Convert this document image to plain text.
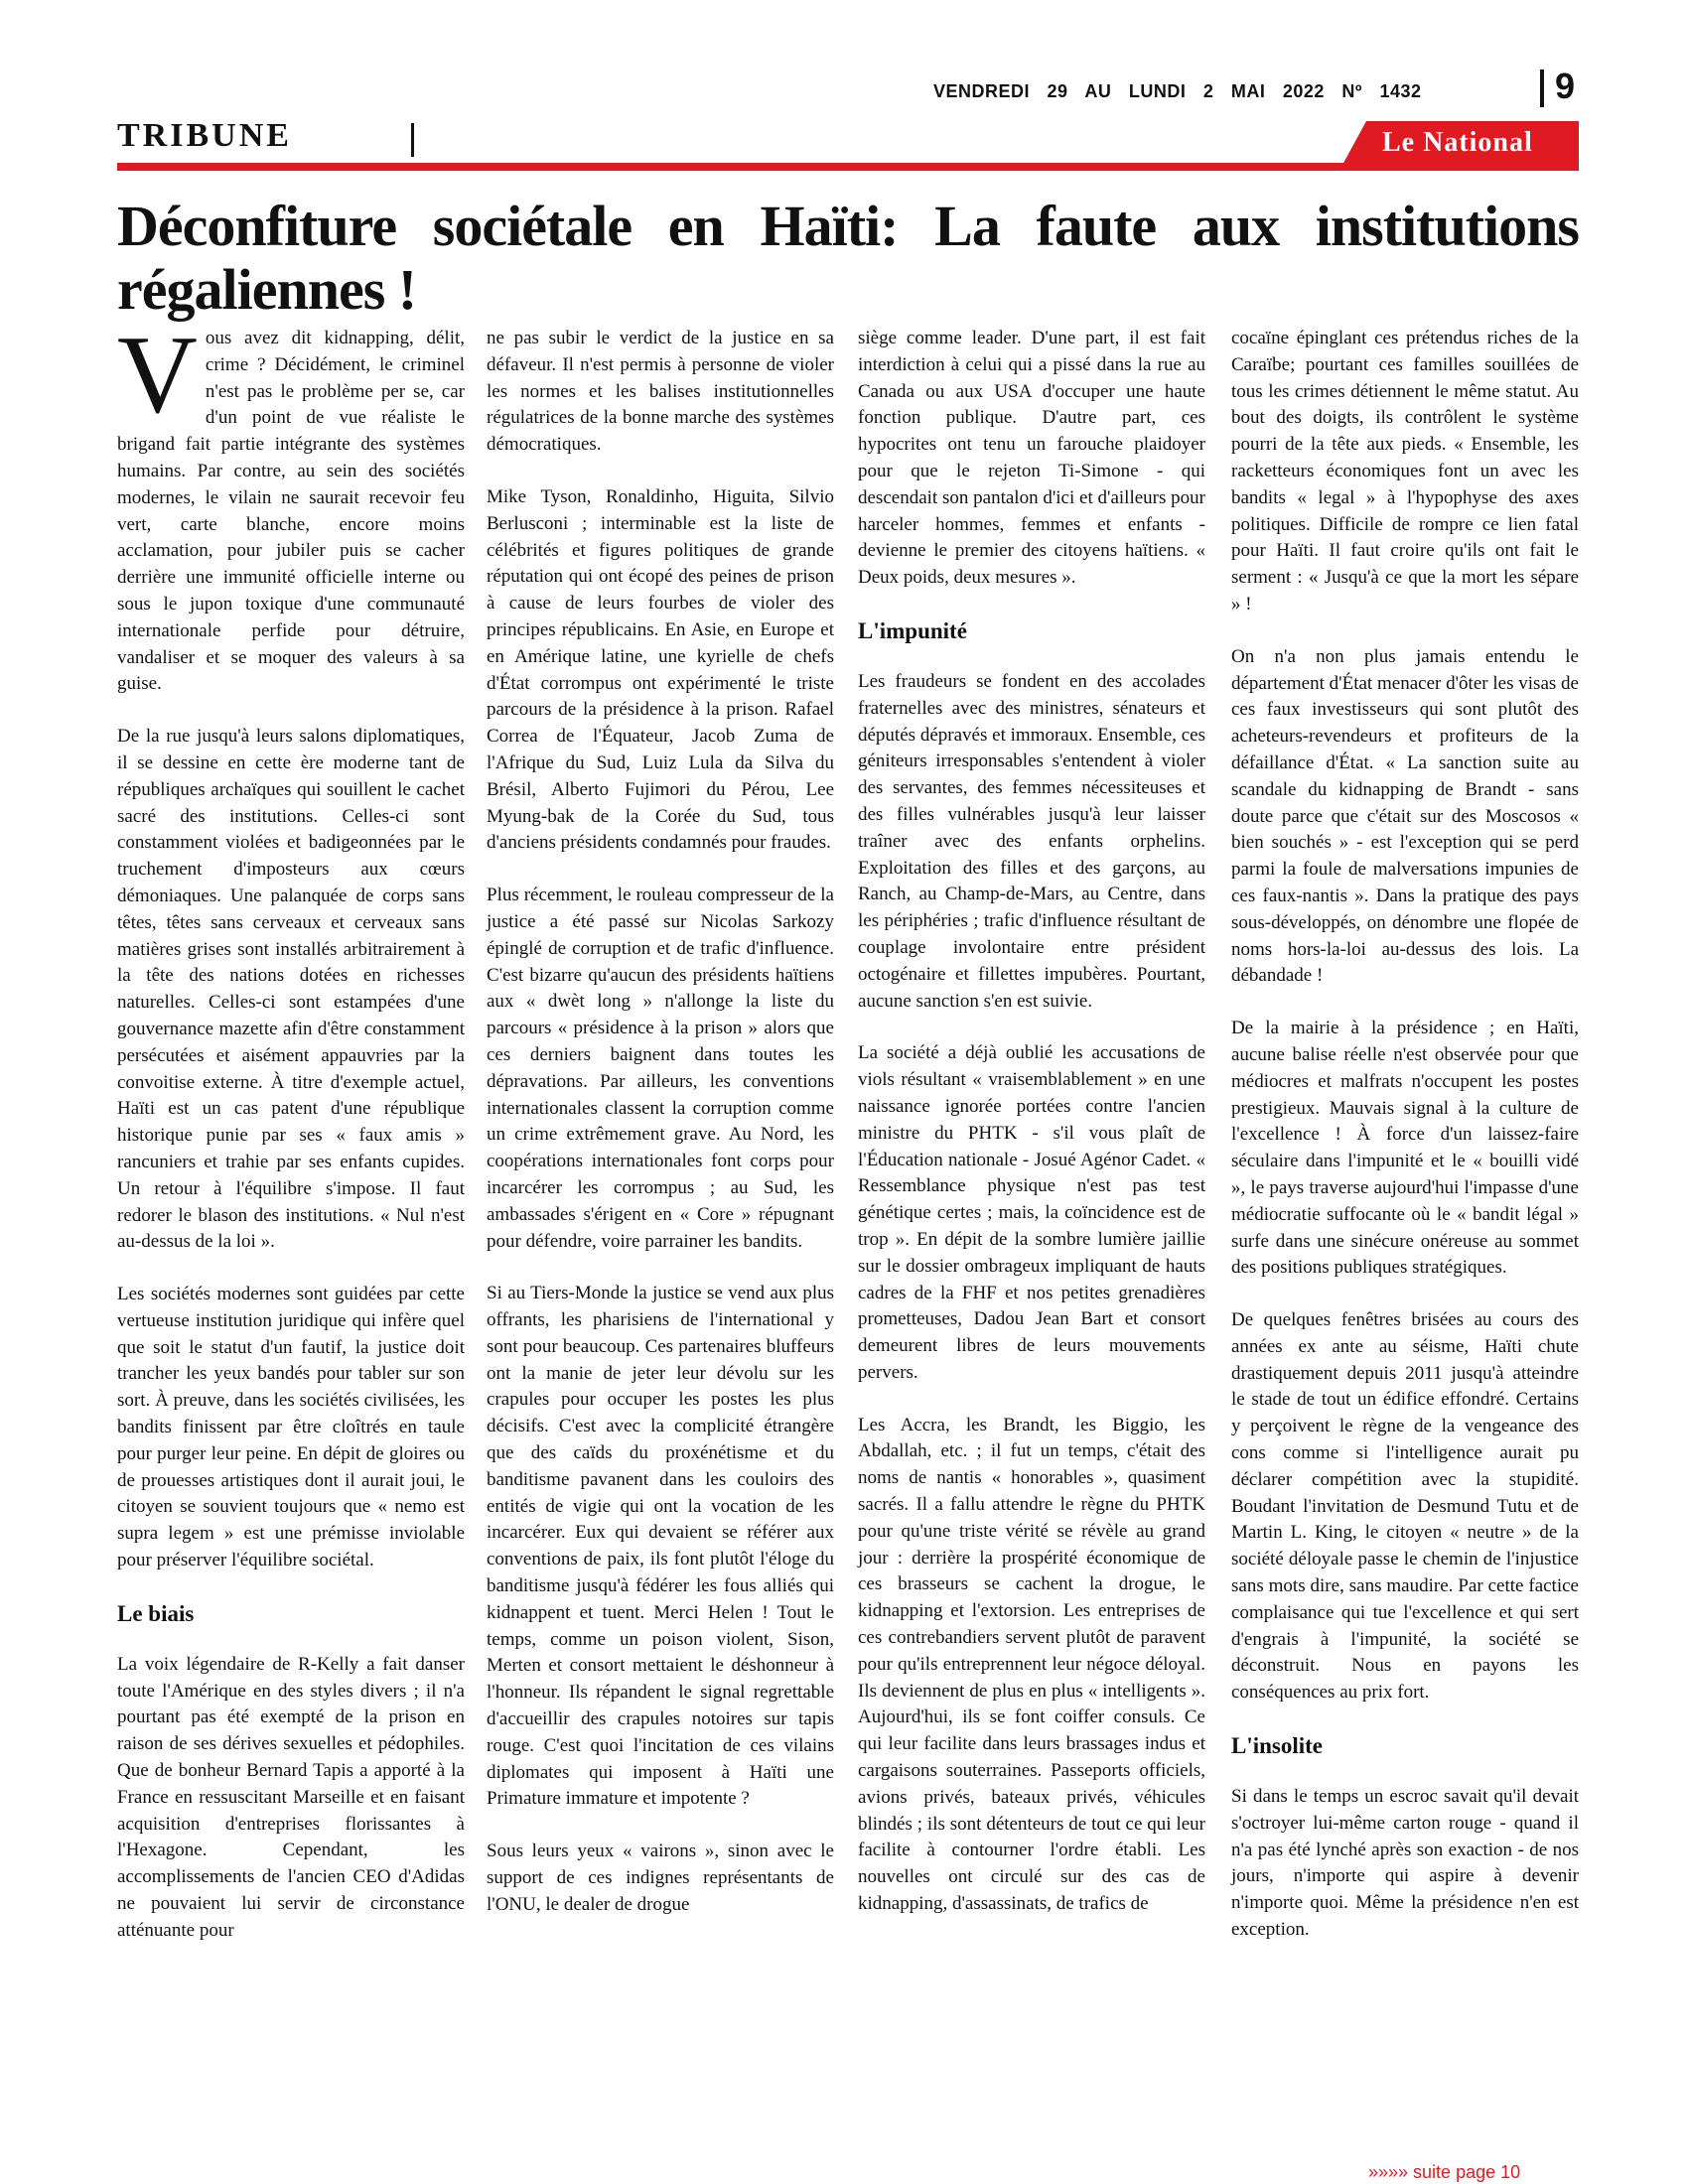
VENDREDI 29 AU LUNDI 2 MAI 2022 Nº 1432	9
TRIBUNE	Le National
Déconfiture sociétale en Haïti: La faute aux institutions régaliennes !

Vous avez dit kidnapping, délit, crime ? Décidément, le criminel n'est pas le problème per se, car d'un point de vue réaliste le brigand fait partie intégrante des systèmes humains. Par contre, au sein des sociétés modernes, le vilain ne saurait recevoir feu vert, carte blanche, encore moins acclamation, pour jubiler puis se cacher derrière une immunité officielle interne ou sous le jupon toxique d'une communauté internationale perfide pour détruire, vandaliser et se moquer des valeurs à sa guise.

De la rue jusqu'à leurs salons diplomatiques, il se dessine en cette ère moderne tant de républiques archaïques qui souillent le cachet sacré des institutions. Celles-ci sont constamment violées et badigeonnées par le truchement d'imposteurs aux cœurs démoniaques. Une palanquée de corps sans têtes, têtes sans cerveaux et cerveaux sans matières grises sont installés arbitrairement à la tête des nations dotées en richesses naturelles. Celles-ci sont estampées d'une gouvernance mazette afin d'être constamment persécutées et aisément appauvries par la convoitise externe. À titre d'exemple actuel, Haïti est un cas patent d'une république historique punie par ses « faux amis » rancuniers et trahie par ses enfants cupides. Un retour à l'équilibre s'impose. Il faut redorer le blason des institutions. « Nul n'est au-dessus de la loi ».

Les sociétés modernes sont guidées par cette vertueuse institution juridique qui infère quel que soit le statut d'un fautif, la justice doit trancher les yeux bandés pour tabler sur son sort. À preuve, dans les sociétés civilisées, les bandits finissent par être cloîtrés en taule pour purger leur peine. En dépit de gloires ou de prouesses artistiques dont il aurait joui, le citoyen se souvient toujours que « nemo est supra legem » est une prémisse inviolable pour préserver l'équilibre sociétal.

Le biais

La voix légendaire de R-Kelly a fait danser toute l'Amérique en des styles divers ; il n'a pourtant pas été exempté de la prison en raison de ses dérives sexuelles et pédophiles. Que de bonheur Bernard Tapis a apporté à la France en ressuscitant Marseille et en faisant acquisition d'entreprises florissantes à l'Hexagone. Cependant, les accomplissements de l'ancien CEO d'Adidas ne pouvaient lui servir de circonstance atténuante pour

ne pas subir le verdict de la justice en sa défaveur. Il n'est permis à personne de violer les normes et les balises institutionnelles régulatrices de la bonne marche des systèmes démocratiques.

Mike Tyson, Ronaldinho, Higuita, Silvio Berlusconi ; interminable est la liste de célébrités et figures politiques de grande réputation qui ont écopé des peines de prison à cause de leurs fourbes de violer des principes républicains. En Asie, en Europe et en Amérique latine, une kyrielle de chefs d'État corrompus ont expérimenté le triste parcours de la présidence à la prison. Rafael Correa de l'Équateur, Jacob Zuma de l'Afrique du Sud, Luiz Lula da Silva du Brésil, Alberto Fujimori du Pérou, Lee Myung-bak de la Corée du Sud, tous d'anciens présidents condamnés pour fraudes.

Plus récemment, le rouleau compresseur de la justice a été passé sur Nicolas Sarkozy épinglé de corruption et de trafic d'influence. C'est bizarre qu'aucun des présidents haïtiens aux « dwèt long » n'allonge la liste du parcours « présidence à la prison » alors que ces derniers baignent dans toutes les dépravations. Par ailleurs, les conventions internationales classent la corruption comme un crime extrêmement grave. Au Nord, les coopérations internationales font corps pour incarcérer les corrompus ; au Sud, les ambassades s'érigent en « Core » répugnant pour défendre, voire parrainer les bandits.

Si au Tiers-Monde la justice se vend aux plus offrants, les pharisiens de l'international y sont pour beaucoup. Ces partenaires bluffeurs ont la manie de jeter leur dévolu sur les crapules pour occuper les postes les plus décisifs. C'est avec la complicité étrangère que des caïds du proxénétisme et du banditisme pavanent dans les couloirs des entités de vigie qui ont la vocation de les incarcérer. Eux qui devaient se référer aux conventions de paix, ils font plutôt l'éloge du banditisme jusqu'à fédérer les fous alliés qui kidnappent et tuent. Merci Helen ! Tout le temps, comme un poison violent, Sison, Merten et consort mettaient le déshonneur à l'honneur. Ils répandent le signal regrettable d'accueillir des crapules notoires sur tapis rouge. C'est quoi l'incitation de ces vilains diplomates qui imposent à Haïti une Primature immature et impotente ?

Sous leurs yeux « vairons », sinon avec le support de ces indignes représentants de l'ONU, le dealer de drogue

siège comme leader. D'une part, il est fait interdiction à celui qui a pissé dans la rue au Canada ou aux USA d'occuper une haute fonction publique. D'autre part, ces hypocrites ont tenu un farouche plaidoyer pour que le rejeton Ti-Simone - qui descendait son pantalon d'ici et d'ailleurs pour harceler hommes, femmes et enfants - devienne le premier des citoyens haïtiens. « Deux poids, deux mesures ».

L'impunité

Les fraudeurs se fondent en des accolades fraternelles avec des ministres, sénateurs et députés dépravés et immoraux. Ensemble, ces géniteurs irresponsables s'entendent à violer des servantes, des femmes nécessiteuses et des filles vulnérables jusqu'à leur laisser traîner avec des enfants orphelins. Exploitation des filles et des garçons, au Ranch, au Champ-de-Mars, au Centre, dans les périphéries ; trafic d'influence résultant de couplage involontaire entre président octogénaire et fillettes impubères. Pourtant, aucune sanction s'en est suivie.

La société a déjà oublié les accusations de viols résultant « vraisemblablement » en une naissance ignorée portées contre l'ancien ministre du PHTK - s'il vous plaît de l'Éducation nationale - Josué Agénor Cadet. « Ressemblance physique n'est pas test génétique certes ; mais, la coïncidence est de trop ». En dépit de la sombre lumière jaillie sur le dossier ombrageux impliquant de hauts cadres de la FHF et nos petites grenadières prometteuses, Dadou Jean Bart et consort demeurent libres de leurs mouvements pervers.

Les Accra, les Brandt, les Biggio, les Abdallah, etc. ; il fut un temps, c'était des noms de nantis « honorables », quasiment sacrés. Il a fallu attendre le règne du PHTK pour qu'une triste vérité se révèle au grand jour : derrière la prospérité économique de ces brasseurs se cachent la drogue, le kidnapping et l'extorsion. Les entreprises de ces contrebandiers servent plutôt de paravent pour qu'ils entreprennent leur négoce déloyal. Ils deviennent de plus en plus « intelligents ». Aujourd'hui, ils se font coiffer consuls. Ce qui leur facilite dans leurs brassages indus et cargaisons souterraines. Passeports officiels, avions privés, bateaux privés, véhicules blindés ; ils sont détenteurs de tout ce qui leur facilite à contourner l'ordre établi. Les nouvelles ont circulé sur des cas de kidnapping, d'assassinats, de trafics de

cocaïne épinglant ces prétendus riches de la Caraïbe; pourtant ces familles souillées de tous les crimes détiennent le même statut. Au bout des doigts, ils contrôlent le système pourri de la tête aux pieds. « Ensemble, les racketteurs économiques font un avec les bandits « legal » à l'hypophyse des axes politiques. Difficile de rompre ce lien fatal pour Haïti. Il faut croire qu'ils ont fait le serment : « Jusqu'à ce que la mort les sépare » !

On n'a non plus jamais entendu le département d'État menacer d'ôter les visas de ces faux investisseurs qui sont plutôt des acheteurs-revendeurs et profiteurs de la défaillance d'État. « La sanction suite au scandale du kidnapping de Brandt - sans doute parce que c'était sur des Moscosos « bien souchés » - est l'exception qui se perd parmi la foule de malversations impunies de ces faux-nantis ». Dans la pratique des pays sous-développés, on dénombre une flopée de noms hors-la-loi au-dessus des lois. La débandade !

De la mairie à la présidence ; en Haïti, aucune balise réelle n'est observée pour que médiocres et malfrats n'occupent les postes prestigieux. Mauvais signal à la culture de l'excellence ! À force d'un laissez-faire séculaire dans l'impunité et le « bouilli vidé », le pays traverse aujourd'hui l'impasse d'une médiocratie suffocante où le « bandit légal » surfe dans une sinécure onéreuse au sommet des positions publiques stratégiques.

De quelques fenêtres brisées au cours des années ex ante au séisme, Haïti chute drastiquement depuis 2011 jusqu'à atteindre le stade de tout un édifice effondré. Certains y perçoivent le règne de la vengeance des cons comme si l'intelligence aurait pu déclarer compétition avec la stupidité. Boudant l'invitation de Desmund Tutu et de Martin L. King, le citoyen « neutre » de la société déloyale passe le chemin de l'injustice sans mots dire, sans maudire. Par cette factice complaisance qui tue l'excellence et qui sert d'engrais à l'impunité, la société se déconstruit. Nous en payons les conséquences au prix fort.

L'insolite

Si dans le temps un escroc savait qu'il devait s'octroyer lui-même carton rouge - quand il n'a pas été lynché après son exaction - de nos jours, n'importe qui aspire à devenir n'importe quoi. Même la présidence n'en est exception.

»»»» suite page 10
